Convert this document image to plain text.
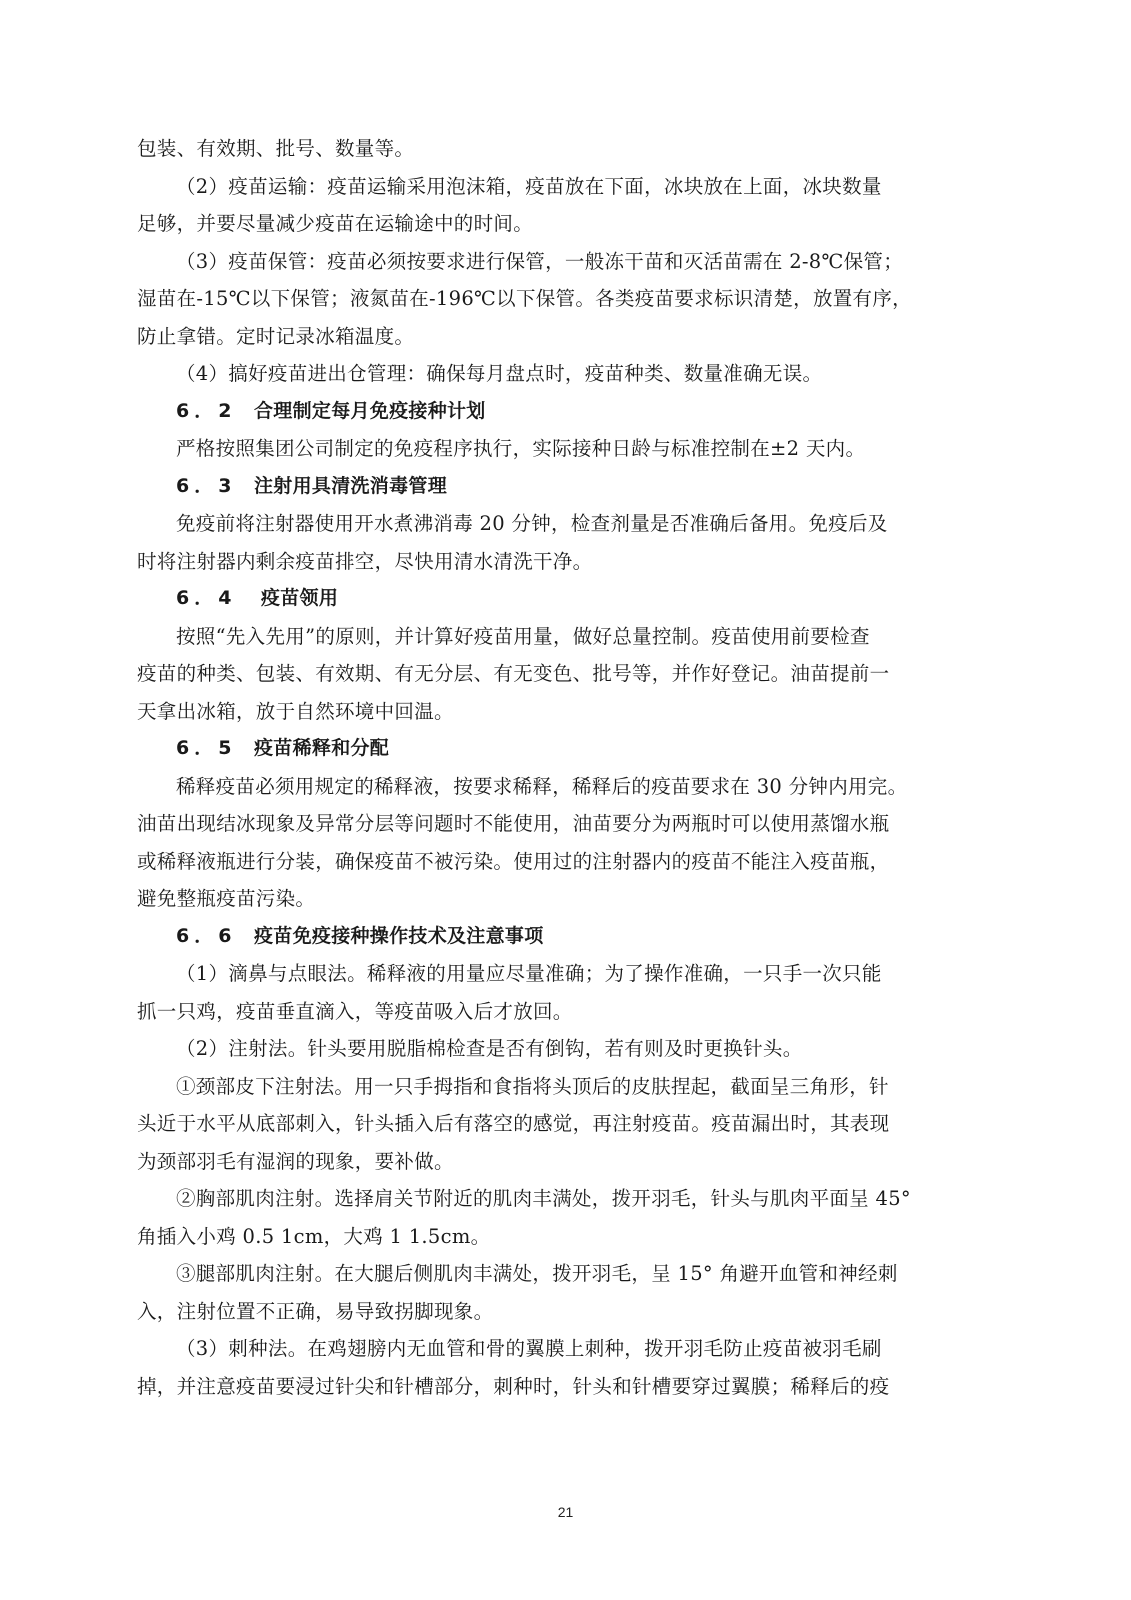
包装、有效期、批号、数量等。

（2）疫苗运输：疫苗运输采用泡沫箱，疫苗放在下面，冰块放在上面，冰块数量

足够，并要尽量减少疫苗在运输途中的时间。

（3）疫苗保管：疫苗必须按要求进行保管，一般冻干苗和灭活苗需在 2-8℃保管；

湿苗在-15℃以下保管；液氮苗在-196℃以下保管。各类疫苗要求标识清楚，放置有序，

防止拿错。定时记录冰箱温度。

（4）搞好疫苗进出仓管理：确保每月盘点时，疫苗种类、数量准确无误。

6．2 合理制定每月免疫接种计划

严格按照集团公司制定的免疫程序执行，实际接种日龄与标准控制在±2 天内。

6．3 注射用具清洗消毒管理

免疫前将注射器使用开水煮沸消毒 20 分钟，检查剂量是否准确后备用。免疫后及

时将注射器内剩余疫苗排空，尽快用清水清洗干净。

6．4 疫苗领用

按照“先入先用”的原则，并计算好疫苗用量，做好总量控制。疫苗使用前要检查

疫苗的种类、包装、有效期、有无分层、有无变色、批号等，并作好登记。油苗提前一

天拿出冰箱，放于自然环境中回温。

6．5 疫苗稀释和分配

稀释疫苗必须用规定的稀释液，按要求稀释，稀释后的疫苗要求在 30 分钟内用完。

油苗出现结冰现象及异常分层等问题时不能使用，油苗要分为两瓶时可以使用蒸馏水瓶

或稀释液瓶进行分装，确保疫苗不被污染。使用过的注射器内的疫苗不能注入疫苗瓶，

避免整瓶疫苗污染。

6．6 疫苗免疫接种操作技术及注意事项

（1）滴鼻与点眼法。稀释液的用量应尽量准确；为了操作准确，一只手一次只能

抓一只鸡，疫苗垂直滴入，等疫苗吸入后才放回。

（2）注射法。针头要用脱脂棉检查是否有倒钩，若有则及时更换针头。

①颈部皮下注射法。用一只手拇指和食指将头顶后的皮肤捏起，截面呈三角形，针

头近于水平从底部刺入，针头插入后有落空的感觉，再注射疫苗。疫苗漏出时，其表现

为颈部羽毛有湿润的现象，要补做。

②胸部肌肉注射。选择肩关节附近的肌肉丰满处，拨开羽毛，针头与肌肉平面呈 45°

角插入小鸡 0.5 1cm，大鸡 1 1.5cm。

③腿部肌肉注射。在大腿后侧肌肉丰满处，拨开羽毛，呈 15° 角避开血管和神经刺

入，注射位置不正确，易导致拐脚现象。

（3）刺种法。在鸡翅膀内无血管和骨的翼膜上刺种，拨开羽毛防止疫苗被羽毛刷

掉，并注意疫苗要浸过针尖和针槽部分，刺种时，针头和针槽要穿过翼膜；稀释后的疫

21
